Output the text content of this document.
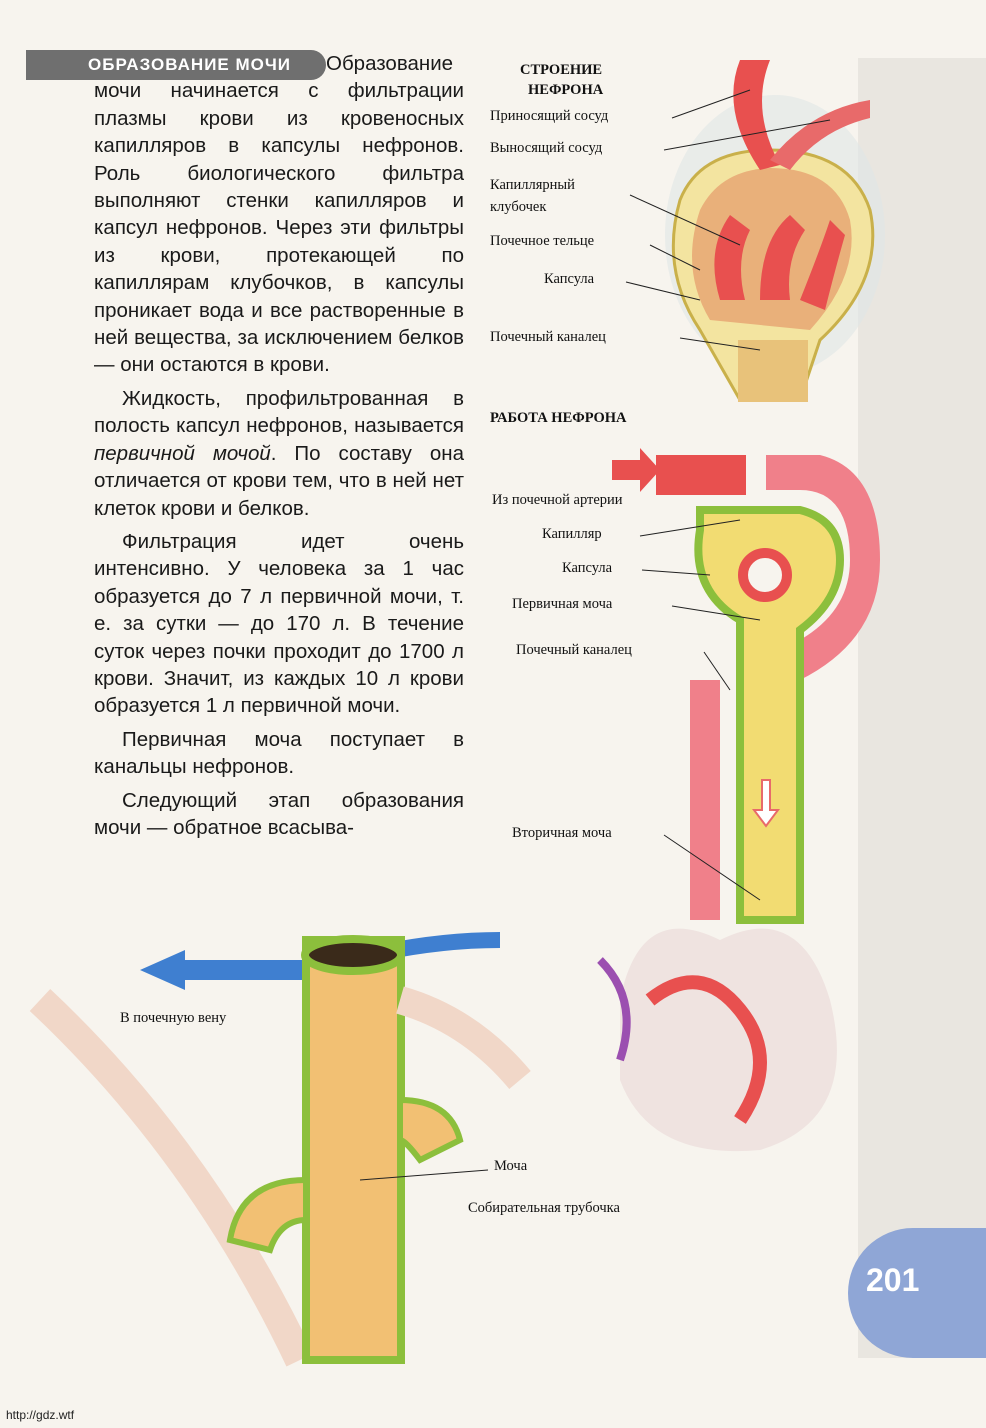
201
ОБРАЗОВАНИЕ МОЧИ	Образование мочи начинается с фильтрации плазмы крови из кровеносных капилляров в капсулы нефронов. Роль биологического фильтра выполняют стенки капилляров и капсул нефронов. Через эти фильтры из крови, протекающей по капиллярам клубочков, в капсулы проникает вода и все растворенные в ней вещества, за исключением белков — они остаются в крови.

Жидкость, профильтрованная в полость капсул нефронов, называется первичной мочой. По составу она отличается от крови тем, что в ней нет клеток крови и белков.

Фильтрация идет очень интенсивно. У человека за 1 час образуется до 7 л первичной мочи, т. е. за сутки — до 170 л. В течение суток через почки проходит до 1700 л крови. Значит, из каждых 10 л крови образуется 1 л первичной мочи.

Первичная моча поступает в канальцы нефронов.

Следующий этап образования мочи — обратное всасыва-

СТРОЕНИЕ
НЕФРОНА
Приносящий сосуд
Выносящий сосуд
Капиллярный
клубочек
Почечное тельце
Капсула
Почечный каналец
РАБОТА НЕФРОНА
Из почечной артерии
Капилляр
Капсула
Первичная моча
Почечный каналец
Вторичная моча
В почечную вену
Моча
Собирательная трубочка
http://gdz.wtf
